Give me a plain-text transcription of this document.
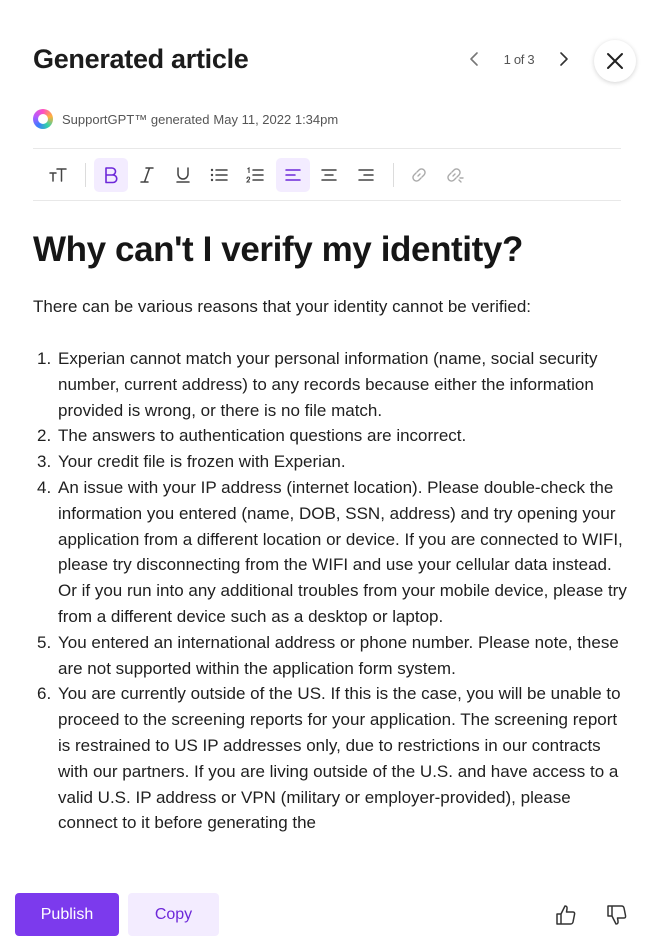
Generated article	1 of 3
SupportGPT™ generated May 11, 2022 1:34pm
Why can't I verify my identity?

There can be various reasons that your identity cannot be verified:

1. Experian cannot match your personal information (name, social security number, current address) to any records because either the information provided is wrong, or there is no file match.
2. The answers to authentication questions are incorrect.
3. Your credit file is frozen with Experian.
4. An issue with your IP address (internet location). Please double-check the information you entered (name, DOB, SSN, address) and try opening your application from a different location or device. If you are connected to WIFI, please try disconnecting from the WIFI and use your cellular data instead. Or if you run into any additional troubles from your mobile device, please try from a different device such as a desktop or laptop.
5. You entered an international address or phone number. Please note, these are not supported within the application form system.
6. You are currently outside of the US. If this is the case, you will be unable to proceed to the screening reports for your application. The screening report is restrained to US IP addresses only, due to restrictions in our contracts with our partners. If you are living outside of the U.S. and have access to a valid U.S. IP address or VPN (military or employer-provided), please connect to it before generating the
Publish	Copy
